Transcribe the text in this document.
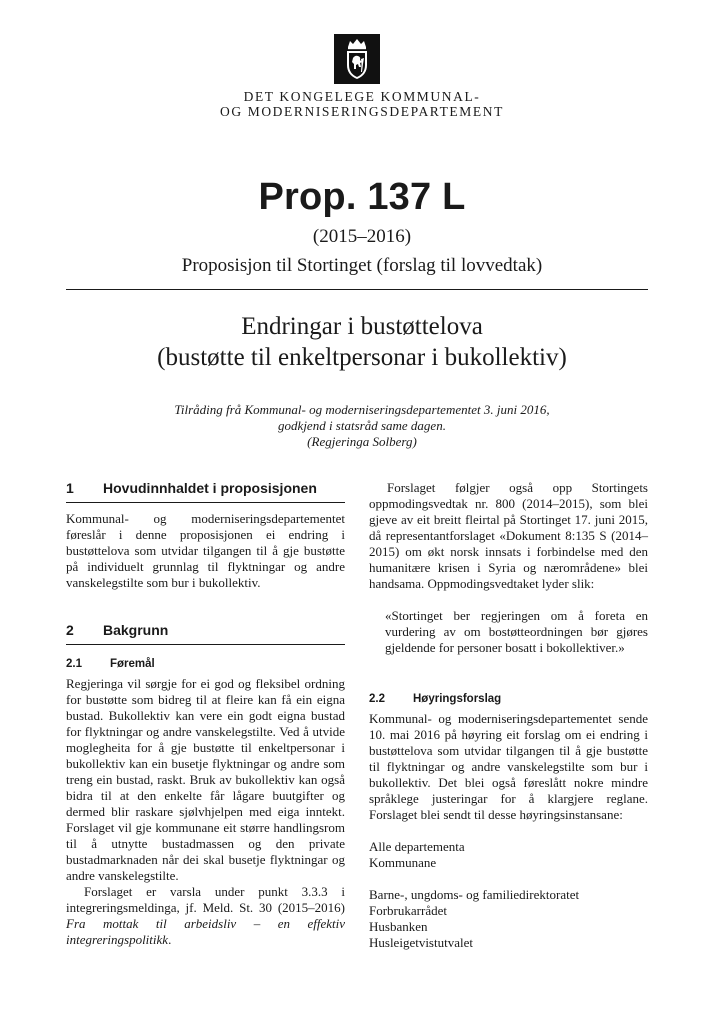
DET KONGELEGE KOMMUNAL-
OG MODERNISERINGSDEPARTEMENT
Prop. 137 L
(2015–2016)
Proposisjon til Stortinget (forslag til lovvedtak)
Endringar i bustøttelova
(bustøtte til enkeltpersonar i bukollektiv)
Tilråding frå Kommunal- og moderniseringsdepartementet 3. juni 2016,
godkjend i statsråd same dagen.
(Regjeringa Solberg)
1	Hovudinnhaldet i proposisjonen

Kommunal- og moderniseringsdepartementet føreslår i denne proposisjonen ei endring i bustøttelova som utvidar tilgangen til å gje bustøtte på individuelt grunnlag til flyktningar og andre vanskelegstilte som bur i bukollektiv.

2	Bakgrunn
2.1	Føremål

Regjeringa vil sørgje for ei god og fleksibel ordning for bustøtte som bidreg til at fleire kan få ein eigna bustad. Bukollektiv kan vere ein godt eigna bustad for flyktningar og andre vanskelegstilte. Ved å utvide moglegheita for å gje bustøtte til enkeltpersonar i bukollektiv kan ein busetje flyktningar og andre som treng ein bustad, raskt. Bruk av bukollektiv kan også bidra til at den enkelte får lågare buutgifter og dermed blir raskare sjølvhjelpen med eiga inntekt. Forslaget vil gje kommunane eit større handlingsrom til å utnytte bustadmassen og den private bustadmarknaden når dei skal busetje flyktningar og andre vanskelegstilte.

Forslaget er varsla under punkt 3.3.3 i integreringsmeldinga, jf. Meld. St. 30 (2015–2016) Fra mottak til arbeidsliv – en effektiv integreringspolitikk.

Forslaget følgjer også opp Stortingets oppmodingsvedtak nr. 800 (2014–2015), som blei gjeve av eit breitt fleirtal på Stortinget 17. juni 2015, då representantforslaget «Dokument 8:135 S (2014–2015) om økt norsk innsats i forbindelse med den humanitære krisen i Syria og nærområdene» blei handsama. Oppmodingsvedtaket lyder slik:

«Stortinget ber regjeringen om å foreta en vurdering av om bostøtteordningen bør gjøres gjeldende for personer bosatt i bokollektiver.»

2.2	Høyringsforslag

Kommunal- og moderniseringsdepartementet sende 10. mai 2016 på høyring eit forslag om ei endring i bustøttelova som utvidar tilgangen til å gje bustøtte til flyktningar og andre vanskelegstilte som bur i bukollektiv. Det blei også føreslått nokre mindre språklege justeringar for å klargjere reglane. Forslaget blei sendt til desse høyringsinstansane:

Alle departementa

Kommunane

Barne-, ungdoms- og familiedirektoratet

Forbrukarrådet

Husbanken

Husleigetvistutvalet
